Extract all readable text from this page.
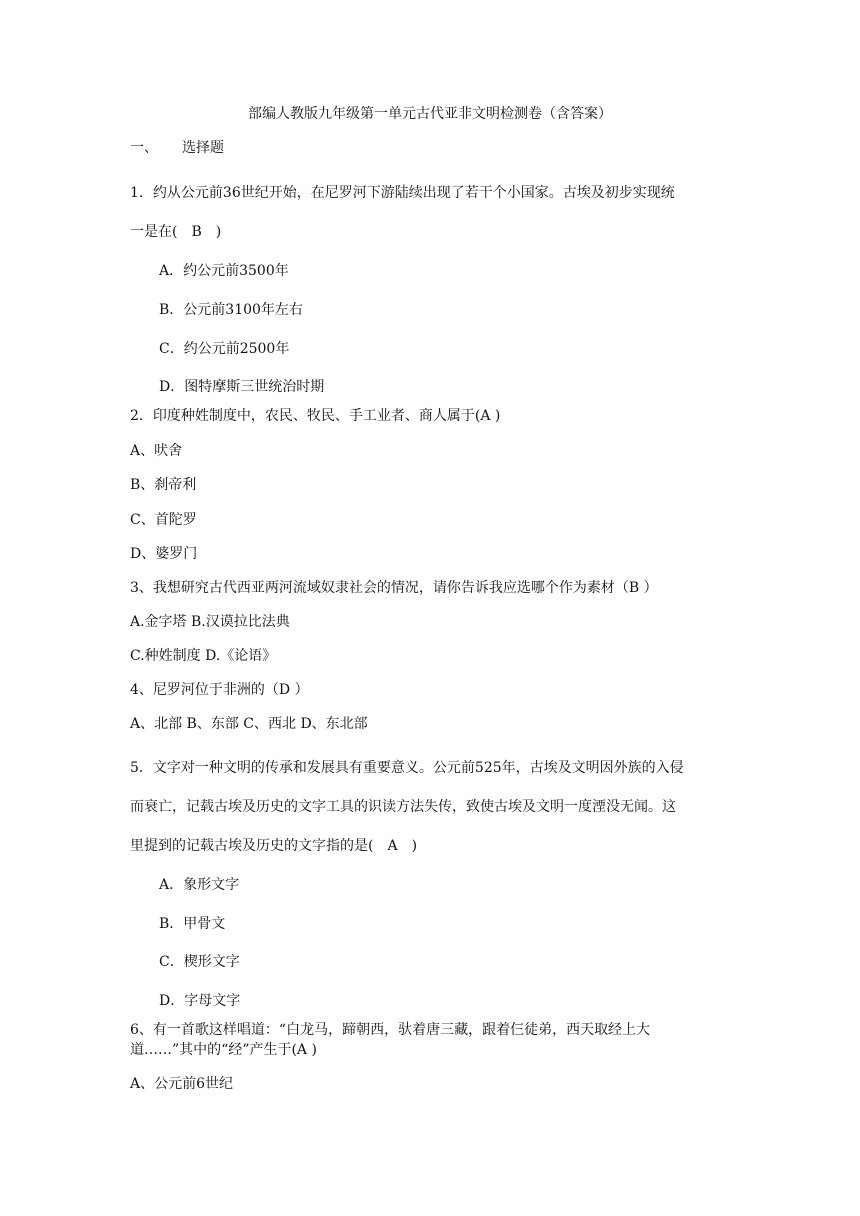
部编人教版九年级第一单元古代亚非文明检测卷（含答案）
一、 选择题
1．约从公元前36世纪开始，在尼罗河下游陆续出现了若干个小国家。古埃及初步实现统
一是在(　B　)
A．约公元前3500年
B．公元前3100年左右
C．约公元前2500年
D．图特摩斯三世统治时期
2．印度种姓制度中，农民、牧民、手工业者、商人属于(A )
A、吠舍
B、刹帝利
C、首陀罗
D、婆罗门
3、我想研究古代西亚两河流域奴隶社会的情况，请你告诉我应选哪个作为素材（B ）
A.金字塔 B.汉谟拉比法典
C.种姓制度 D.《论语》
4、尼罗河位于非洲的（D ）
A、北部 B、东部 C、西北 D、东北部
5．文字对一种文明的传承和发展具有重要意义。公元前525年，古埃及文明因外族的入侵
而衰亡，记载古埃及历史的文字工具的识读方法失传，致使古埃及文明一度湮没无闻。这
里提到的记载古埃及历史的文字指的是(　A　)
A．象形文字
B．甲骨文
C．楔形文字
D．字母文字
6、有一首歌这样唱道：“白龙马，蹄朝西，驮着唐三藏，跟着仨徒弟，西天取经上大
道……”其中的“经”产生于(A )
A、公元前6世纪
